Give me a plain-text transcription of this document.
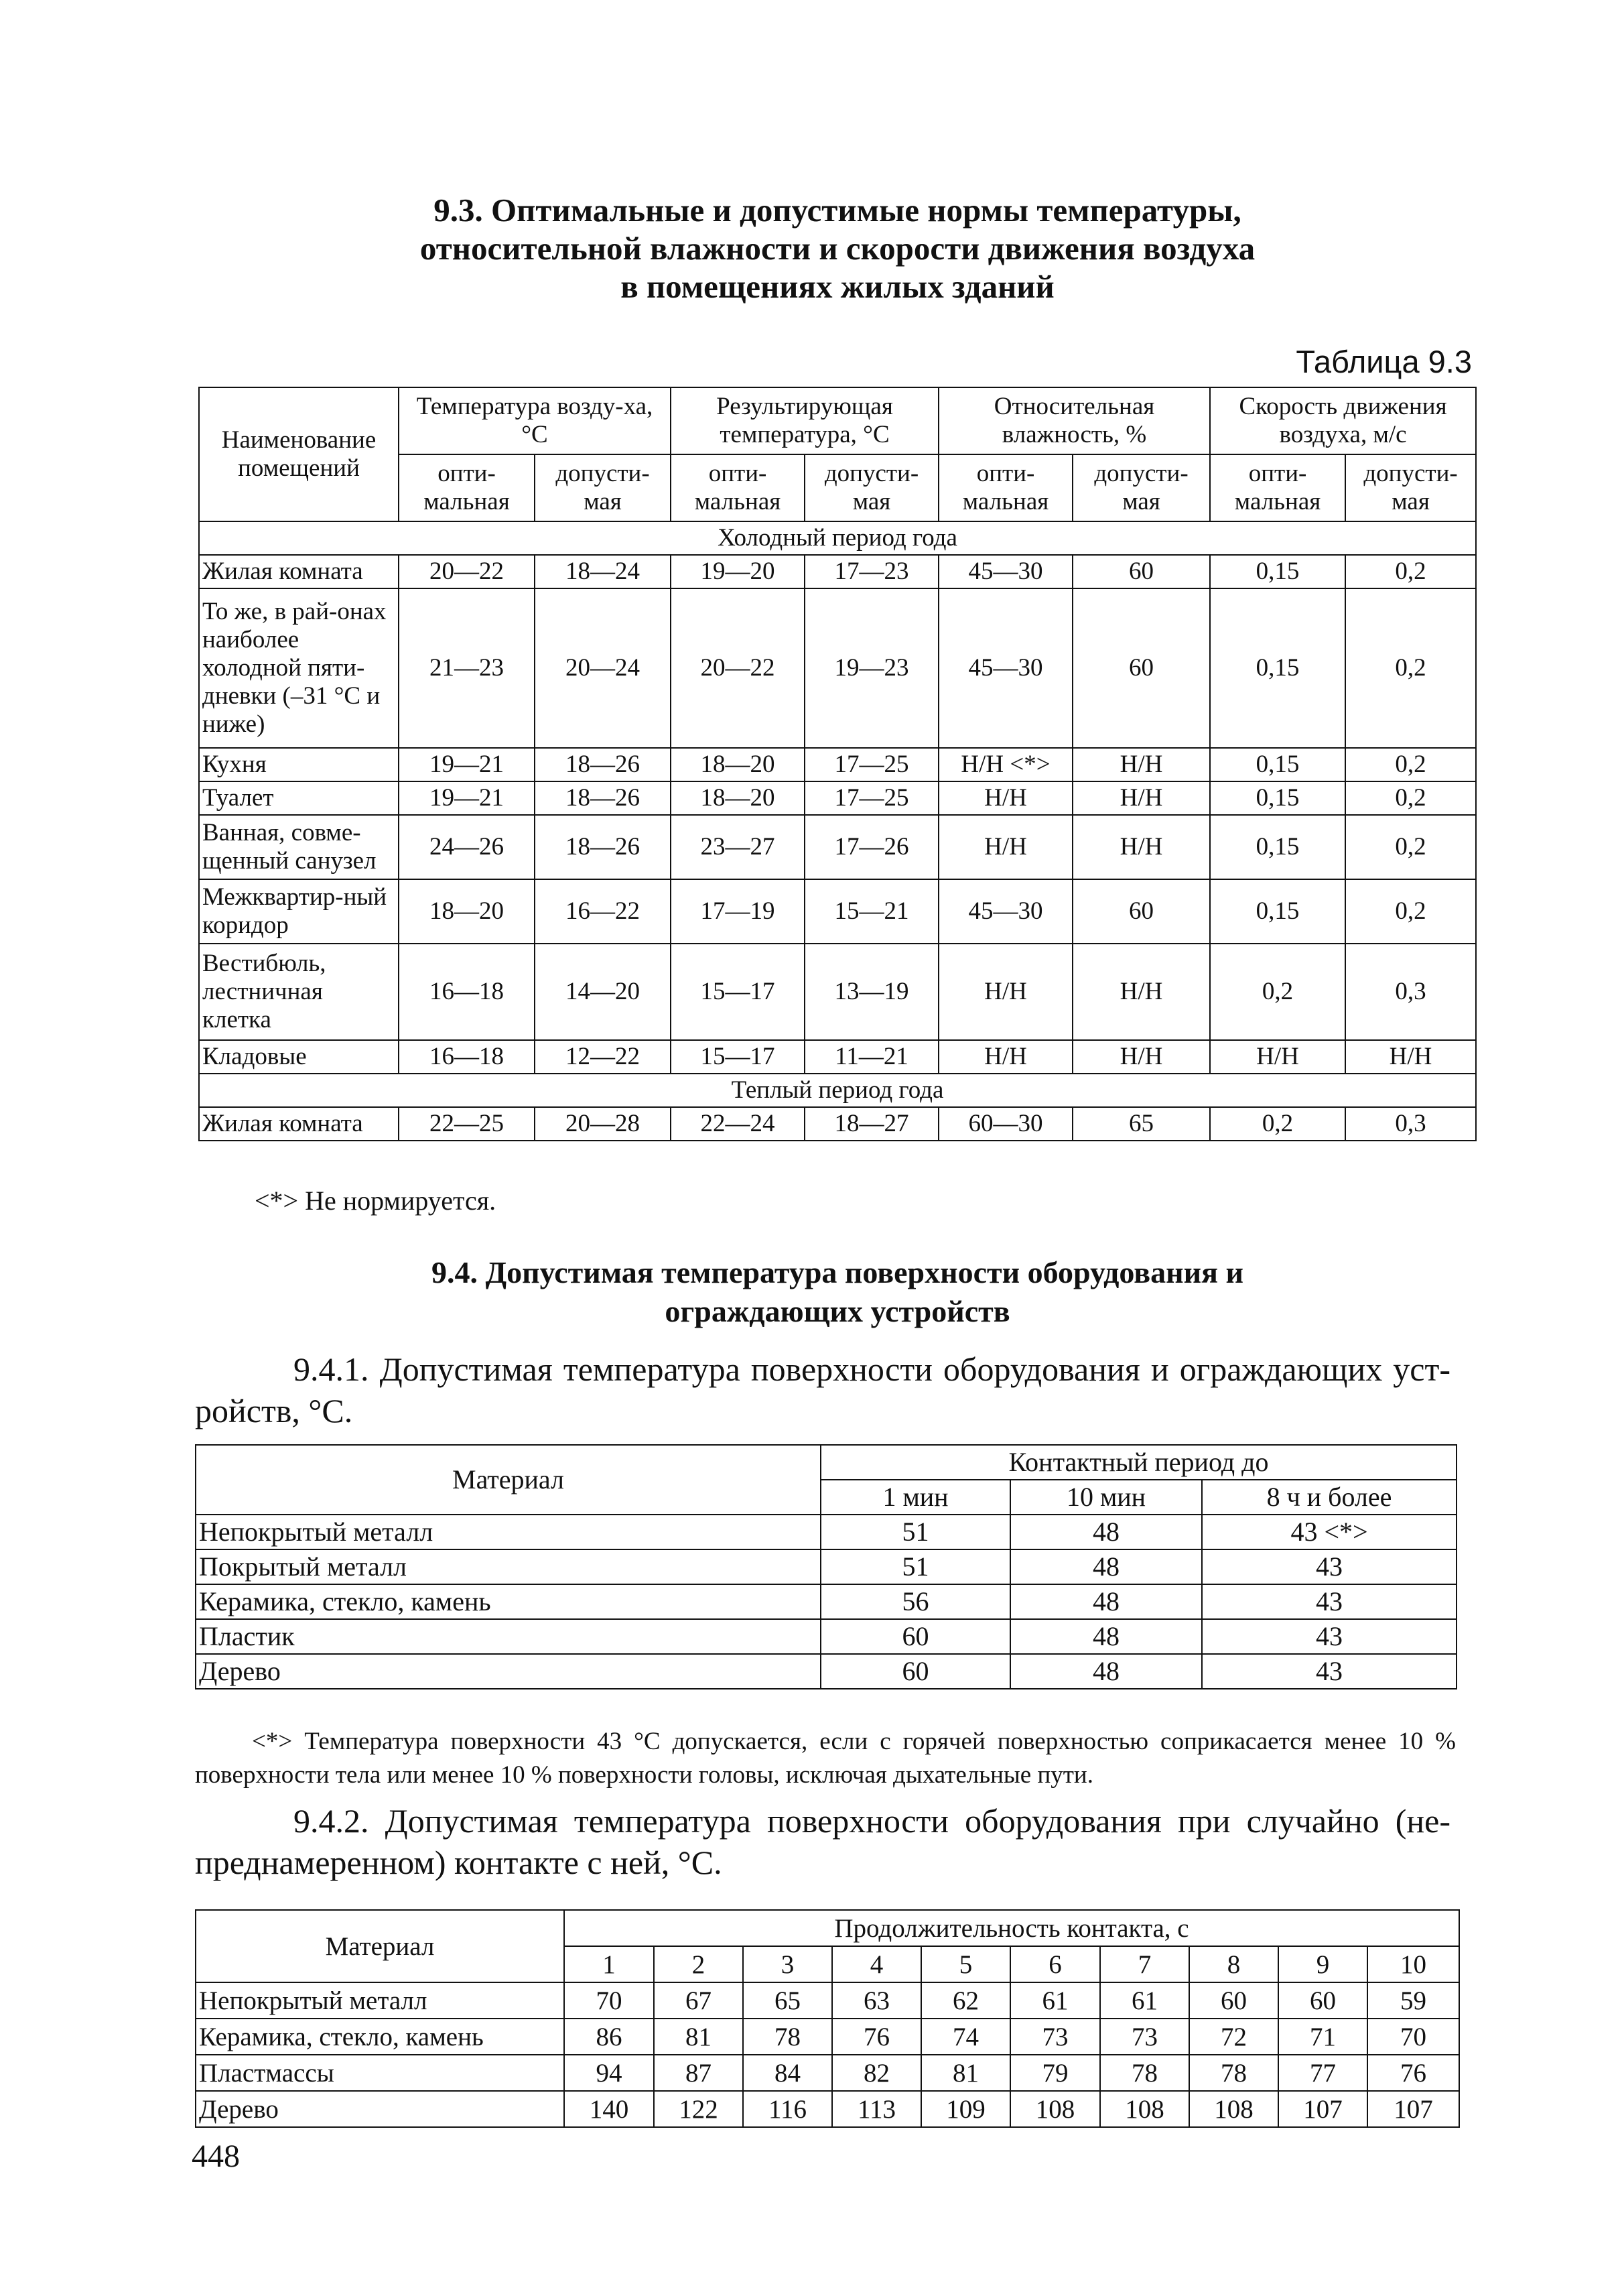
9.3. Оптимальные и допустимые нормы температуры,
относительной влажности и скорости движения воздуха
в помещениях жилых зданий
Таблица 9.3
Наименование помещений	Температура возду-ха, °С		Результирующая температура, °С		Относительная влажность, %		Скорость движения воздуха, м/с	
	опти-мальная	допусти-мая	опти-мальная	допусти-мая	опти-мальная	допусти-мая	опти-мальная	допусти-мая
Холодный период года								
Жилая комната	20—22	18—24	19—20	17—23	45—30	60	0,15	0,2
То же, в рай-онах наиболее холодной пяти-дневки (–31 °С и ниже)	21—23	20—24	20—22	19—23	45—30	60	0,15	0,2
Кухня	19—21	18—26	18—20	17—25	Н/Н <*>	Н/Н	0,15	0,2
Туалет	19—21	18—26	18—20	17—25	Н/Н	Н/Н	0,15	0,2
Ванная, совме-щенный санузел	24—26	18—26	23—27	17—26	Н/Н	Н/Н	0,15	0,2
Межквартир-ный коридор	18—20	16—22	17—19	15—21	45—30	60	0,15	0,2
Вестибюль, лестничная клетка	16—18	14—20	15—17	13—19	Н/Н	Н/Н	0,2	0,3
Кладовые	16—18	12—22	15—17	11—21	Н/Н	Н/Н	Н/Н	Н/Н
Теплый период года								
Жилая комната	22—25	20—28	22—24	18—27	60—30	65	0,2	0,3
<*> Не нормируется.
9.4. Допустимая температура поверхности оборудования и
ограждающих устройств
9.4.1. Допустимая температура поверхности оборудования и ограждающих уст-ройств, °С.
Материал	Контактный период до		
	1 мин	10 мин	8 ч и более
Непокрытый металл	51	48	43 <*>
Покрытый металл	51	48	43
Керамика, стекло, камень	56	48	43
Пластик	60	48	43
Дерево	60	48	43
<*> Температура поверхности 43 °С допускается, если с горячей поверхностью соприкасается менее 10 % поверхности тела или менее 10 % поверхности головы, исключая дыхательные пути.
9.4.2. Допустимая температура поверхности оборудования при случайно (не-преднамеренном) контакте с ней, °С.
Материал	Продолжительность контакта, с									
	1	2	3	4	5	6	7	8	9	10
Непокрытый металл	70	67	65	63	62	61	61	60	60	59
Керамика, стекло, камень	86	81	78	76	74	73	73	72	71	70
Пластмассы	94	87	84	82	81	79	78	78	77	76
Дерево	140	122	116	113	109	108	108	108	107	107
448
